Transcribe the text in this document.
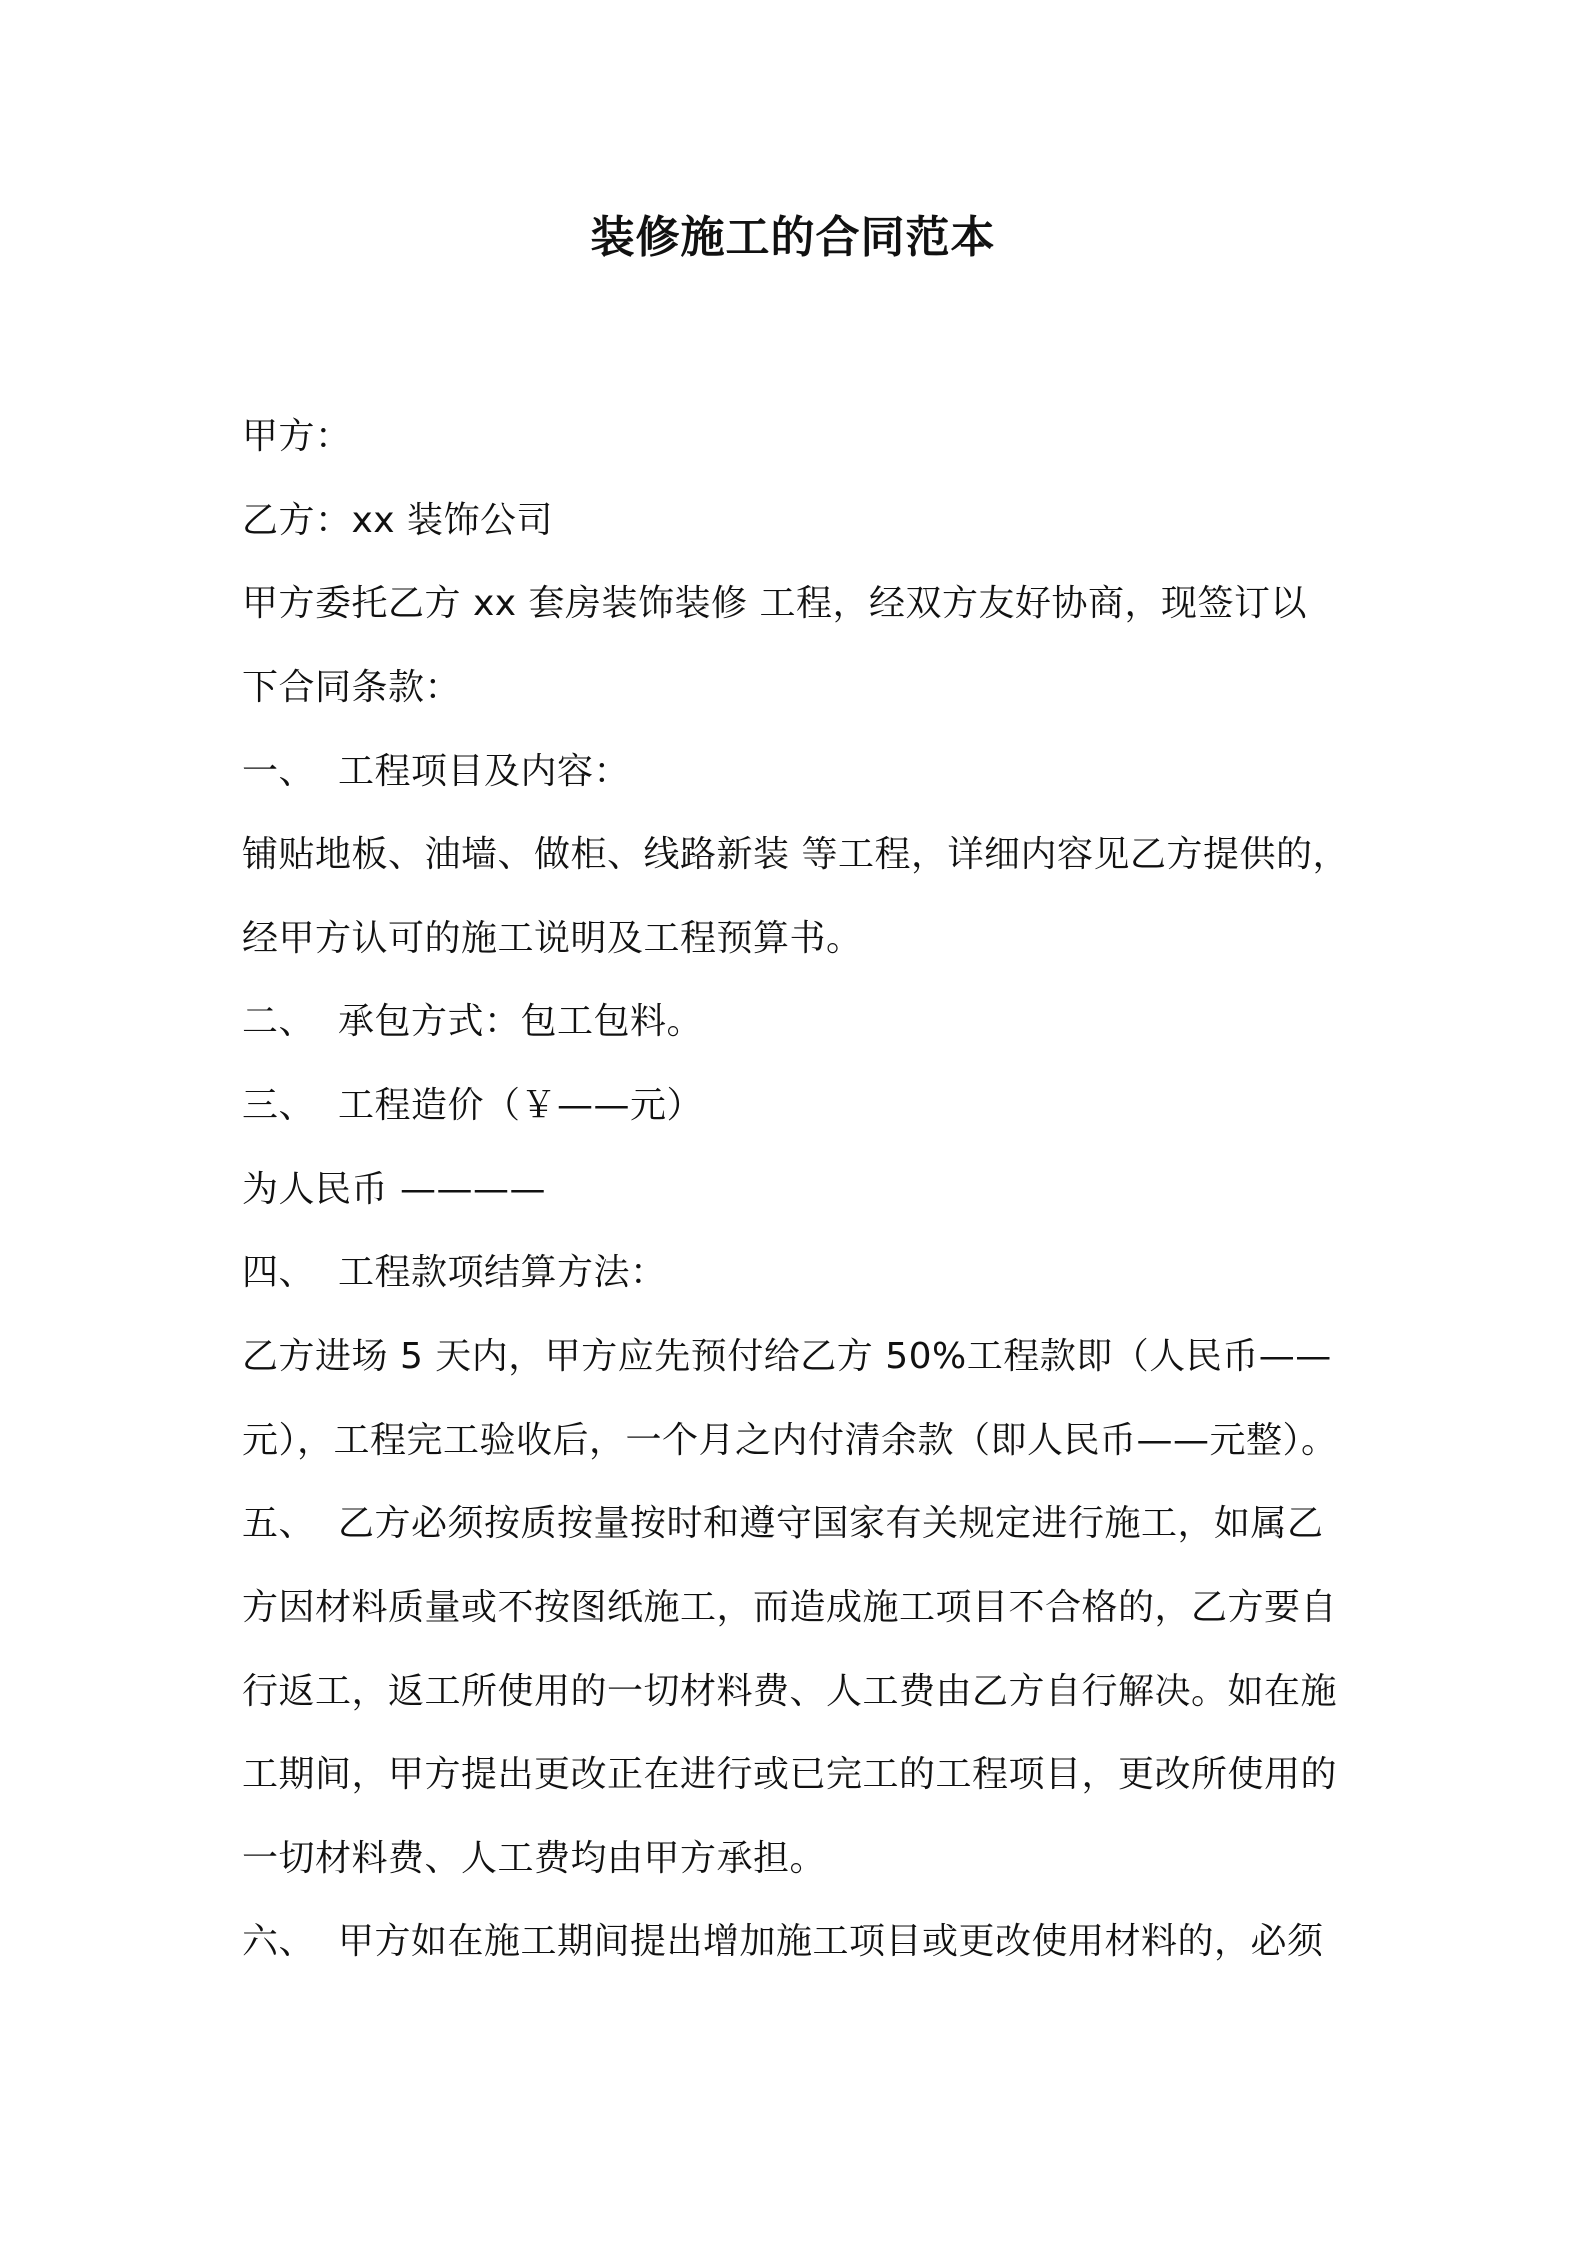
装修施工的合同范本

甲方：

乙方：xx 装饰公司

甲方委托乙方 xx 套房装饰装修 工程，经双方友好协商，现签订以

下合同条款：

一、 工程项目及内容：

铺贴地板、油墙、做柜、线路新装 等工程，详细内容见乙方提供的，

经甲方认可的施工说明及工程预算书。

二、 承包方式：包工包料。

三、 工程造价（￥——元）

为人民币 ————

四、 工程款项结算方法：

乙方进场 5 天内，甲方应先预付给乙方 50%工程款即（人民币——

元），工程完工验收后，一个月之内付清余款（即人民币——元整）。

五、 乙方必须按质按量按时和遵守国家有关规定进行施工，如属乙

方因材料质量或不按图纸施工，而造成施工项目不合格的，乙方要自

行返工，返工所使用的一切材料费、人工费由乙方自行解决。如在施

工期间，甲方提出更改正在进行或已完工的工程项目，更改所使用的

一切材料费、人工费均由甲方承担。

六、 甲方如在施工期间提出增加施工项目或更改使用材料的，必须
